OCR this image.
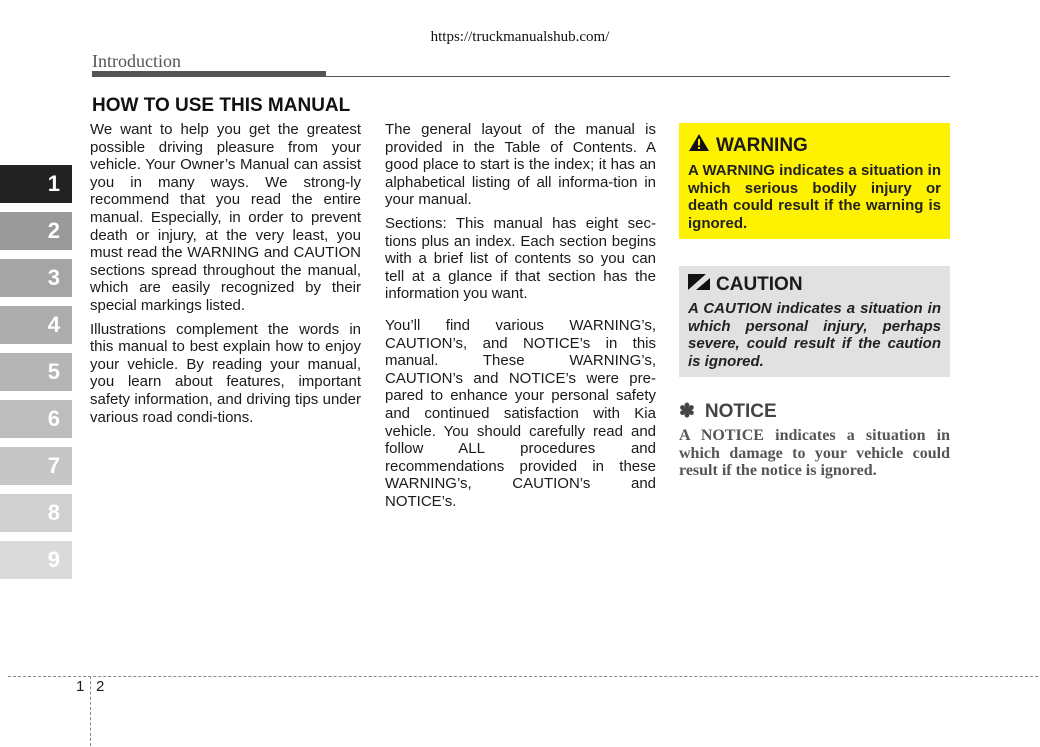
https://truckmanualshub.com/
Introduction
HOW TO USE THIS MANUAL

We want to help you get the greatest possible driving pleasure from your vehicle. Your Owner’s Manual can assist you in many ways. We strong-ly recommend that you read the entire manual. Especially, in order to prevent death or injury, at the very least, you must read the WARNING and CAUTION sections spread throughout the manual, which are easily recognized by their special markings listed.

Illustrations complement the words in this manual to best explain how to enjoy your vehicle. By reading your manual, you learn about features, important safety information, and driving tips under various road condi-tions.

The general layout of the manual is provided in the Table of Contents. A good place to start is the index; it has an alphabetical listing of all informa-tion in your manual.

Sections: This manual has eight sec-tions plus an index. Each section begins with a brief list of contents so you can tell at a glance if that section has the information you want.

You’ll find various WARNING’s, CAUTION’s, and NOTICE’s in this manual. These WARNING’s, CAUTION’s and NOTICE’s were pre-pared to enhance your personal safety and continued satisfaction with Kia vehicle. You should carefully read and follow ALL procedures and recommendations provided in these WARNING’s, CAUTION’s and NOTICE’s.

1
2
3
4
5
6
7
8
9
WARNING
A WARNING indicates a situation in which serious bodily injury or death could result if the warning is ignored.
CAUTION
A CAUTION indicates a situation in which personal injury, perhaps severe, could result if the caution is ignored.
✽ NOTICE
A NOTICE indicates a situation in which damage to your vehicle could result if the notice is ignored.
1 2
